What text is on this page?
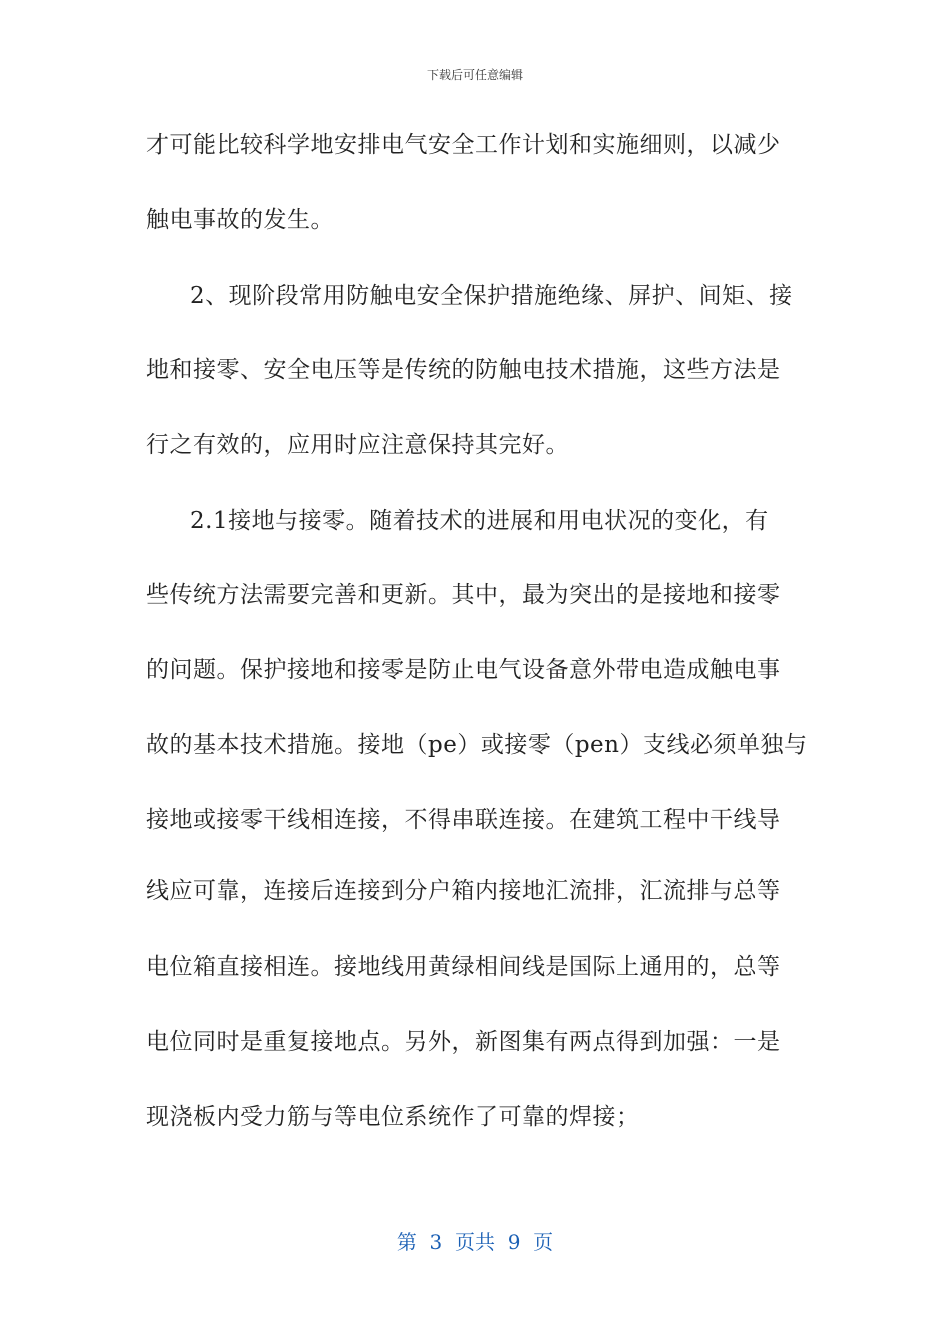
下载后可任意编辑
才可能比较科学地安排电气安全工作计划和实施细则，以减少
触电事故的发生。
2、现阶段常用防触电安全保护措施绝缘、屏护、间矩、接
地和接零、安全电压等是传统的防触电技术措施，这些方法是
行之有效的，应用时应注意保持其完好。
2.1接地与接零。随着技术的进展和用电状况的变化，有
些传统方法需要完善和更新。其中，最为突出的是接地和接零
的问题。保护接地和接零是防止电气设备意外带电造成触电事
故的基本技术措施。接地（pe）或接零（pen）支线必须单独与
接地或接零干线相连接，不得串联连接。在建筑工程中干线导
线应可靠，连接后连接到分户箱内接地汇流排，汇流排与总等
电位箱直接相连。接地线用黄绿相间线是国际上通用的，总等
电位同时是重复接地点。另外，新图集有两点得到加强：一是
现浇板内受力筋与等电位系统作了可靠的焊接；
第  3  页共  9  页
